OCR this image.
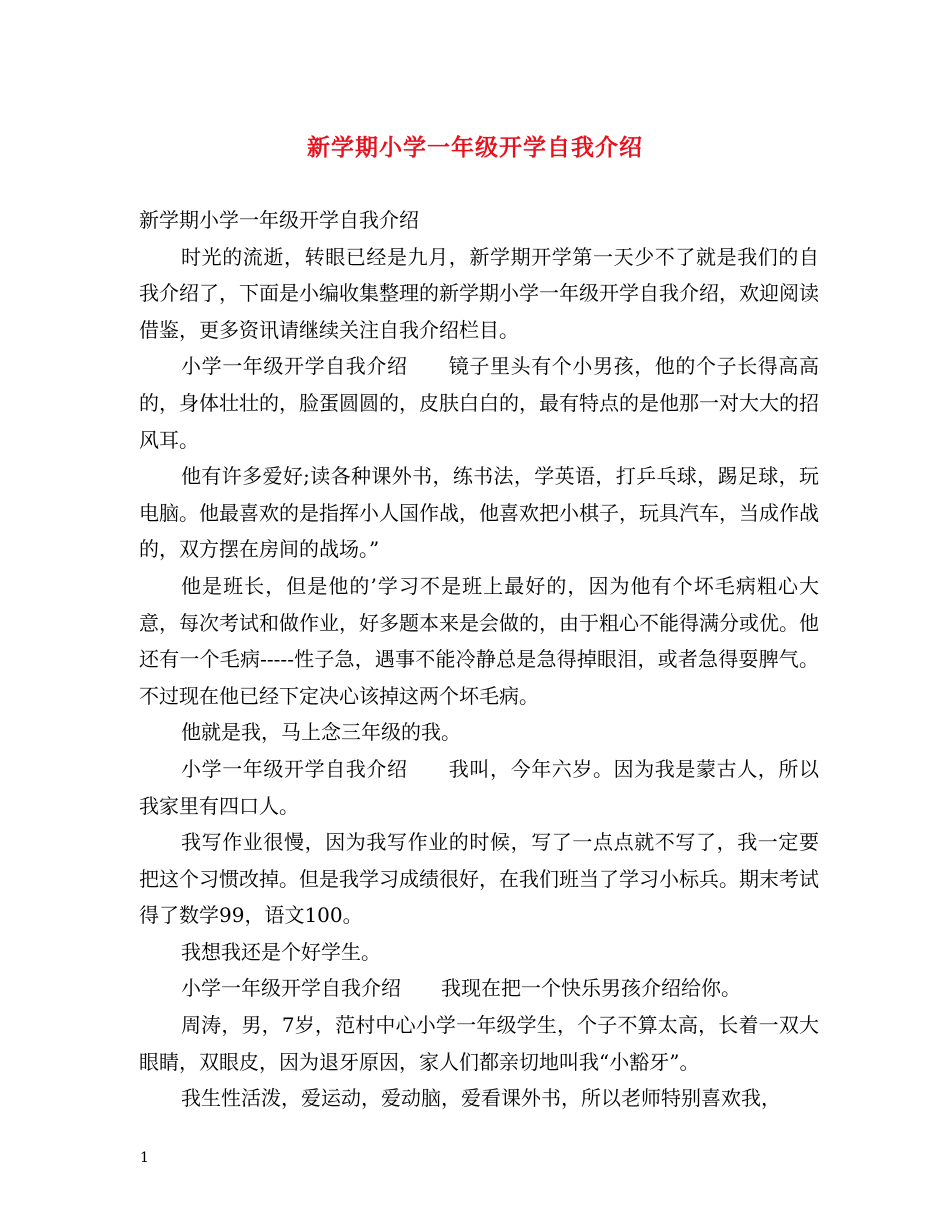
新学期小学一年级开学自我介绍

新学期小学一年级开学自我介绍

时光的流逝，转眼已经是九月，新学期开学第一天少不了就是我们的自我介绍了，下面是小编收集整理的新学期小学一年级开学自我介绍，欢迎阅读借鉴，更多资讯请继续关注自我介绍栏目。

小学一年级开学自我介绍　　镜子里头有个小男孩，他的个子长得高高的，身体壮壮的，脸蛋圆圆的，皮肤白白的，最有特点的是他那一对大大的招风耳。

他有许多爱好;读各种课外书，练书法，学英语，打乒乓球，踢足球，玩电脑。他最喜欢的是指挥小人国作战，他喜欢把小棋子，玩具汽车，当成作战的，双方摆在房间的战场。”

他是班长，但是他的’学习不是班上最好的，因为他有个坏毛病粗心大意，每次考试和做作业，好多题本来是会做的，由于粗心不能得满分或优。他还有一个毛病-----性子急，遇事不能冷静总是急得掉眼泪，或者急得耍脾气。不过现在他已经下定决心该掉这两个坏毛病。

他就是我，马上念三年级的我。

小学一年级开学自我介绍　　我叫，今年六岁。因为我是蒙古人，所以我家里有四口人。

我写作业很慢，因为我写作业的时候，写了一点点就不写了，我一定要把这个习惯改掉。但是我学习成绩很好，在我们班当了学习小标兵。期末考试得了数学99，语文100。

我想我还是个好学生。

小学一年级开学自我介绍　　我现在把一个快乐男孩介绍给你。

周涛，男，7岁，范村中心小学一年级学生，个子不算太高，长着一双大眼睛，双眼皮，因为退牙原因，家人们都亲切地叫我“小豁牙”。

我生性活泼，爱运动，爱动脑，爱看课外书，所以老师特别喜欢我，

1
